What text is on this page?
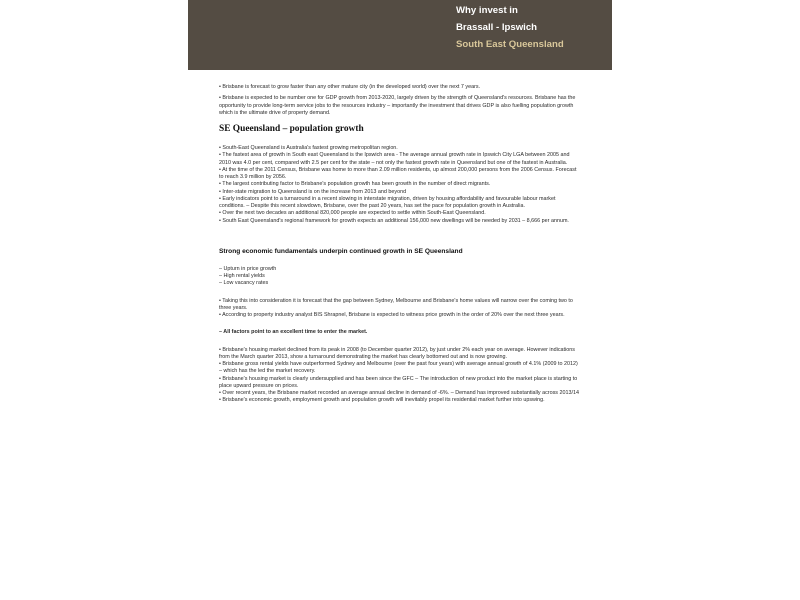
Why invest in
Brassall - Ipswich
South East Queensland

• Brisbane is forecast to grow faster than any other mature city (in the developed world) over the next 7 years.

• Brisbane is expected to be number one for GDP growth from 2013-2020, largely driven by the strength of Queensland's resources. Brisbane has the opportunity to provide long-term service jobs to the resources industry – importantly the investment that drives GDP is also fuelling population growth which is the ultimate drive of property demand.

SE Queensland – population growth

• South-East Queensland is Australia's fastest growing metropolitan region.

• The fastest area of growth in South east Queensland is the Ipswich area - The average annual growth rate in Ipswich City LGA between 2005 and 2010 was 4.0 per cent, compared with 2.5 per cent for the state – not only the fastest growth rate in Queensland but one of the fastest in Australia.

• At the time of the 2011 Census, Brisbane was home to more than 2.09 million residents, up almost 200,000 persons from the 2006 Census. Forecast to reach 3.9 million by 2056.

• The largest contributing factor to Brisbane's population growth has been growth in the number of direct migrants.

• Inter-state migration to Queensland is on the increase from 2013 and beyond

• Early indicators point to a turnaround in a recent slowing in interstate migration, driven by housing affordability and favourable labour market conditions. – Despite this recent slowdown, Brisbane, over the past 20 years, has set the pace for population growth in Australia.

• Over the next two decades an additional 820,000 people are expected to settle within South-East Queensland.

• South East Queensland's regional framework for growth expects an additional 156,000 new dwellings will be needed by 2031 – 8,666 per annum.

Strong economic fundamentals underpin continued growth in SE Queensland

– Upturn in price growth

– High rental yields

– Low vacancy rates

• Taking this into consideration it is forecast that the gap between Sydney, Melbourne and Brisbane's home values will narrow over the coming two to three years.

• According to property industry analyst BIS Shrapnel, Brisbane is expected to witness price growth in the order of 20% over the next three years.

– All factors point to an excellent time to enter the market.

• Brisbane's housing market declined from its peak in 2008 (to December quarter 2012), by just under 2% each year on average. However indications from the March quarter 2013, show a turnaround demonstrating the market has clearly bottomed out and is now growing.

• Brisbane gross rental yields have outperformed Sydney and Melbourne (over the past four years) with average annual growth of 4.1% (2009 to 2012) – which has the led the market recovery.

• Brisbane's housing market is clearly undersupplied and has been since the GFC – The introduction of new product into the market place is starting to place upward pressure on prices.

• Over recent years, the Brisbane market recorded an average annual decline in demand of -6%. – Demand has improved substantially across 2013/14

• Brisbane's economic growth, employment growth and population growth will inevitably propel its residential market further into upswing.
